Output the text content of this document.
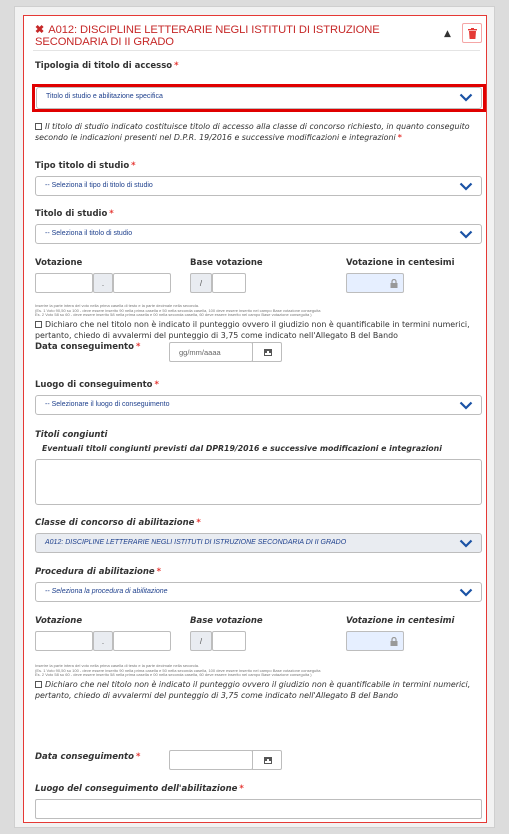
✖ A012: DISCIPLINE LETTERARIE NEGLI ISTITUTI DI ISTRUZIONE SECONDARIA DI II GRADO
▲
Tipologia di titolo di accesso *
Titolo di studio e abilitazione specifica
Il titolo di studio indicato costituisce titolo di accesso alla classe di concorso richiesto, in quanto conseguito secondo le indicazioni presenti nel D.P.R. 19/2016 e successive modificazioni e integrazioni *
Tipo titolo di studio *
-- Seleziona il tipo di titolo di studio
Titolo di studio *
-- Seleziona il titolo di studio
Votazione	Base votazione	Votazione in centesimi
.	/
Inserire la parte intera del voto nella prima casella di testo e la parte decimale nella seconda.
(Es. 1 Voto 90,50 su 100 - deve essere inserito 90 nella prima casella e 50 nella seconda casella, 100 deve essere inserito nel campo Base votazione conseguita
Es. 2 Voto 58 su 60 - deve essere inserito 58 nella prima casella e 00 nella seconda casella, 60 deve essere inserito nel campo Base votazione conseguita )
Dichiaro che nel titolo non è indicato il punteggio ovvero il giudizio non è quantificabile in termini numerici, pertanto, chiedo di avvalermi del punteggio di 3,75 come indicato nell'Allegato B del Bando
Data conseguimento *
gg/mm/aaaa
Luogo di conseguimento *
-- Selezionare il luogo di conseguimento
Titoli congiunti
Eventuali titoli congiunti previsti dal DPR19/2016 e successive modificazioni e integrazioni
Classe di concorso di abilitazione *
A012: DISCIPLINE LETTERARIE NEGLI ISTITUTI DI ISTRUZIONE SECONDARIA DI II GRADO
Procedura di abilitazione *
-- Seleziona la procedura di abilitazione
Votazione	Base votazione	Votazione in centesimi
.	/
Inserire la parte intera del voto nella prima casella di testo e la parte decimale nella seconda.
(Es. 1 Voto 90,50 su 100 - deve essere inserito 90 nella prima casella e 50 nella seconda casella, 100 deve essere inserito nel campo Base votazione conseguita
Es. 2 Voto 58 su 60 - deve essere inserito 58 nella prima casella e 00 nella seconda casella, 60 deve essere inserito nel campo Base votazione conseguita )
Dichiaro che nel titolo non è indicato il punteggio ovvero il giudizio non è quantificabile in termini numerici, pertanto, chiedo di avvalermi del punteggio di 3,75 come indicato nell'Allegato B del Bando
Data conseguimento *
Luogo del conseguimento dell'abilitazione *
